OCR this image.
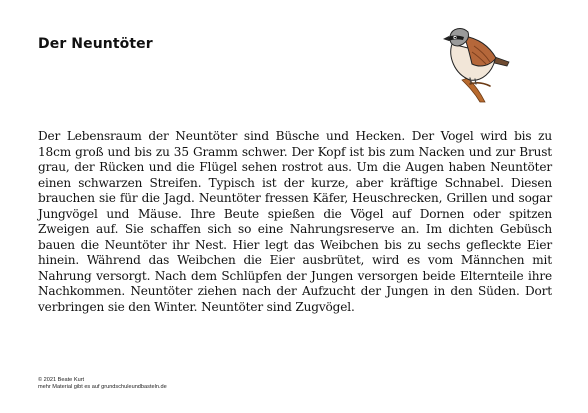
Der Neuntöter

Der Lebensraum der Neuntöter sind Büsche und Hecken. Der Vogel wird bis zu 18cm groß und bis zu 35 Gramm schwer. Der Kopf ist bis zum Nacken und zur Brust grau, der Rücken und die Flügel sehen rostrot aus. Um die Augen haben Neuntöter einen schwarzen Streifen. Typisch ist der kurze, aber kräftige Schnabel. Diesen brauchen sie für die Jagd. Neuntöter fressen Käfer, Heuschrecken, Grillen und sogar Jungvögel und Mäuse. Ihre Beute spießen die Vögel auf Dornen oder spitzen Zweigen auf. Sie schaffen sich so eine Nahrungsreserve an. Im dichten Gebüsch bauen die Neuntöter ihr Nest. Hier legt das Weibchen bis zu sechs gefleckte Eier hinein. Während das Weibchen die Eier ausbrütet, wird es vom Männchen mit Nahrung versorgt. Nach dem Schlüpfen der Jungen versorgen beide Elternteile ihre Nachkommen. Neuntöter ziehen nach der Aufzucht der Jungen in den Süden. Dort verbringen sie den Winter. Neuntöter sind Zugvögel.

© 2021 Beate Kurt
mehr Material gibt es auf grundschuleundbasteln.de
